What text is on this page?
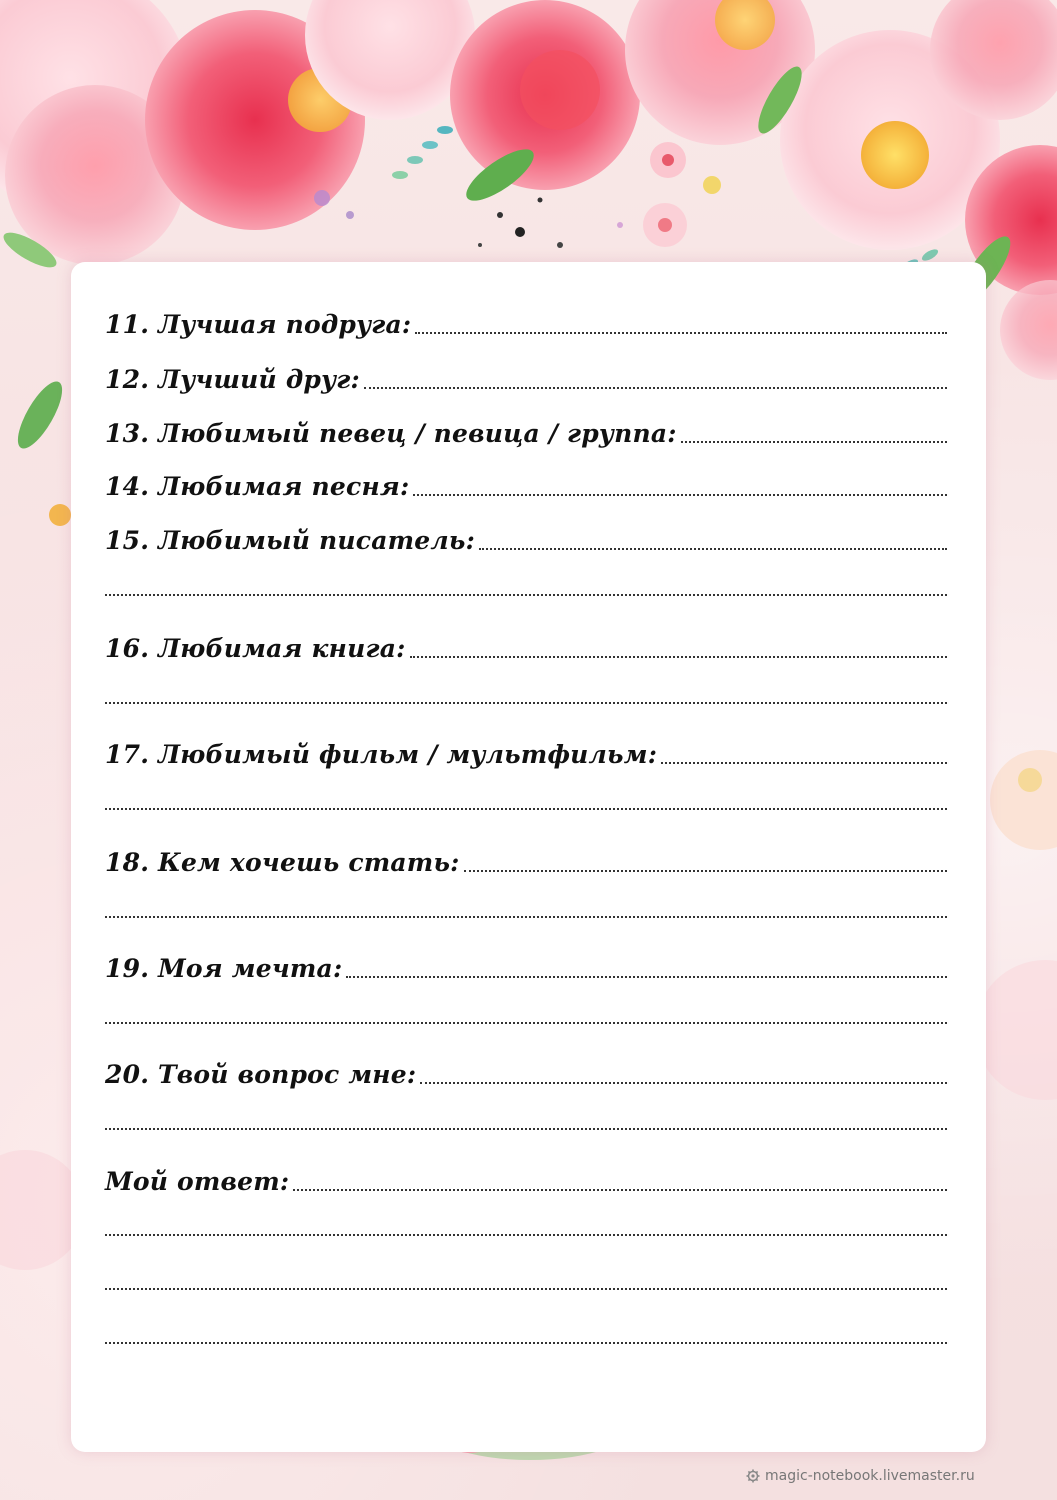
11. Лучшая подруга:
12. Лучший друг:
13. Любимый певец / певица / группа:
14. Любимая песня:
15. Любимый писатель:
16. Любимая книга:
17. Любимый фильм / мультфильм:
18. Кем хочешь стать:
19. Моя мечта:
20. Твой вопрос мне:
Мой ответ:
magic-notebook.livemaster.ru
